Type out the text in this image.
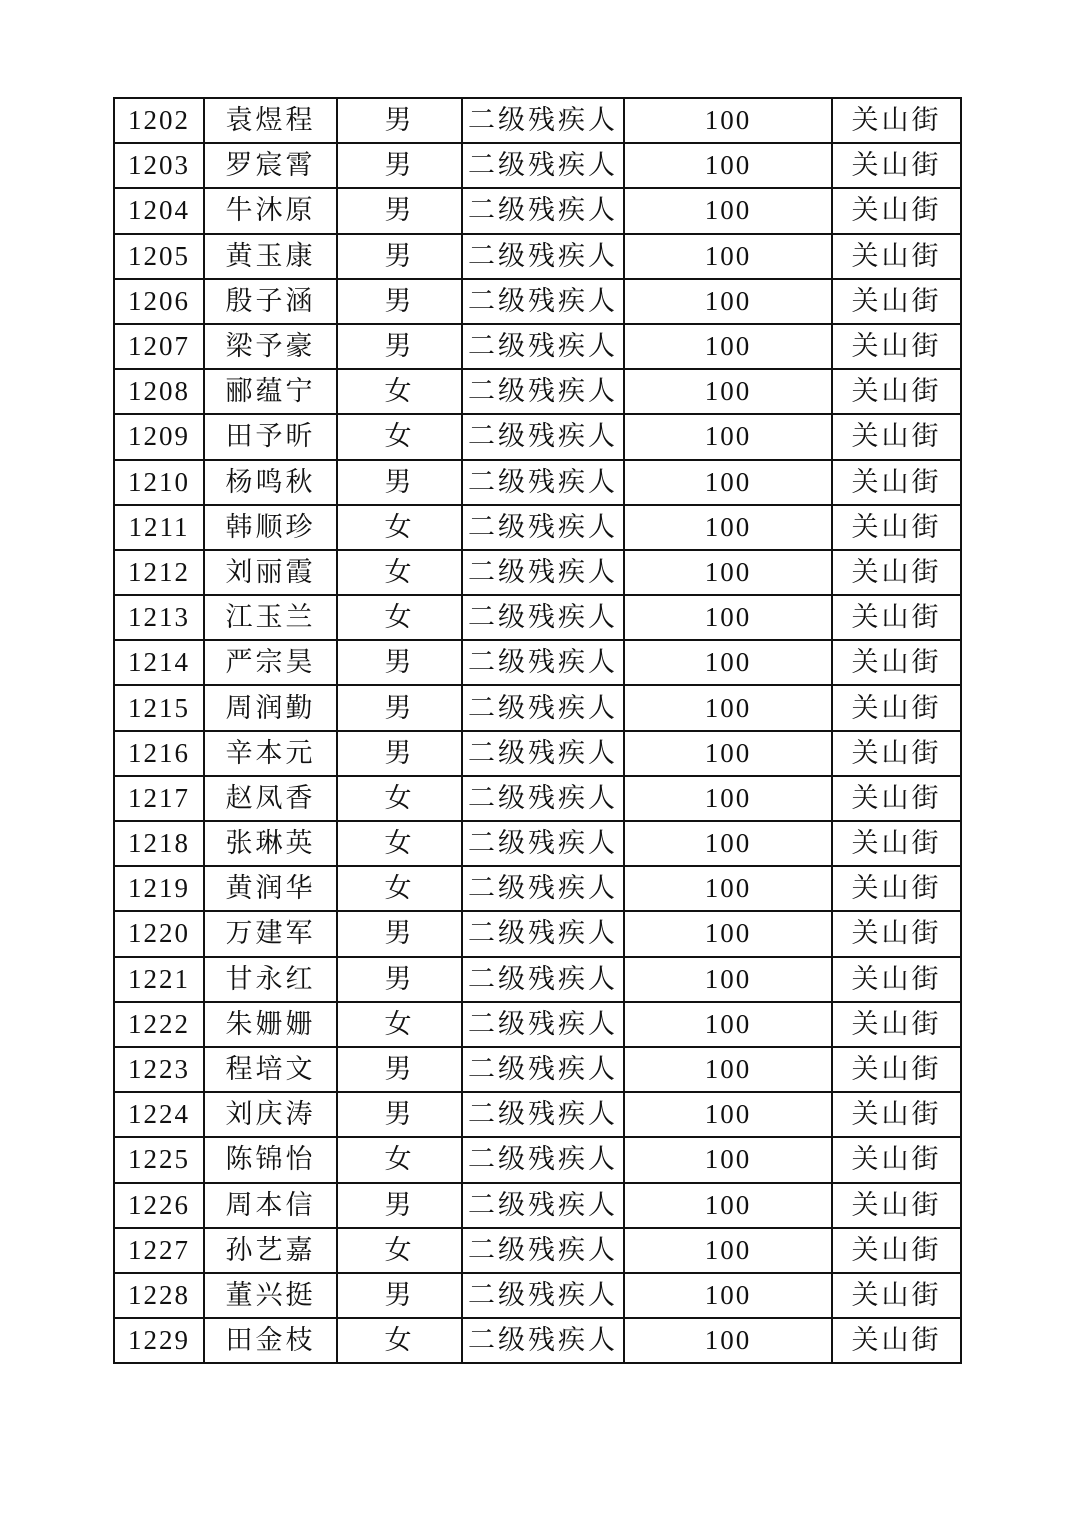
1202	袁煜程	男	二级残疾人	100	关山街
1203	罗宸霄	男	二级残疾人	100	关山街
1204	牛沐原	男	二级残疾人	100	关山街
1205	黄玉康	男	二级残疾人	100	关山街
1206	殷子涵	男	二级残疾人	100	关山街
1207	梁予豪	男	二级残疾人	100	关山街
1208	郦蕴宁	女	二级残疾人	100	关山街
1209	田予昕	女	二级残疾人	100	关山街
1210	杨鸣秋	男	二级残疾人	100	关山街
1211	韩顺珍	女	二级残疾人	100	关山街
1212	刘丽霞	女	二级残疾人	100	关山街
1213	江玉兰	女	二级残疾人	100	关山街
1214	严宗昊	男	二级残疾人	100	关山街
1215	周润勤	男	二级残疾人	100	关山街
1216	辛本元	男	二级残疾人	100	关山街
1217	赵凤香	女	二级残疾人	100	关山街
1218	张琳英	女	二级残疾人	100	关山街
1219	黄润华	女	二级残疾人	100	关山街
1220	万建军	男	二级残疾人	100	关山街
1221	甘永红	男	二级残疾人	100	关山街
1222	朱姗姗	女	二级残疾人	100	关山街
1223	程培文	男	二级残疾人	100	关山街
1224	刘庆涛	男	二级残疾人	100	关山街
1225	陈锦怡	女	二级残疾人	100	关山街
1226	周本信	男	二级残疾人	100	关山街
1227	孙艺嘉	女	二级残疾人	100	关山街
1228	董兴挺	男	二级残疾人	100	关山街
1229	田金枝	女	二级残疾人	100	关山街
